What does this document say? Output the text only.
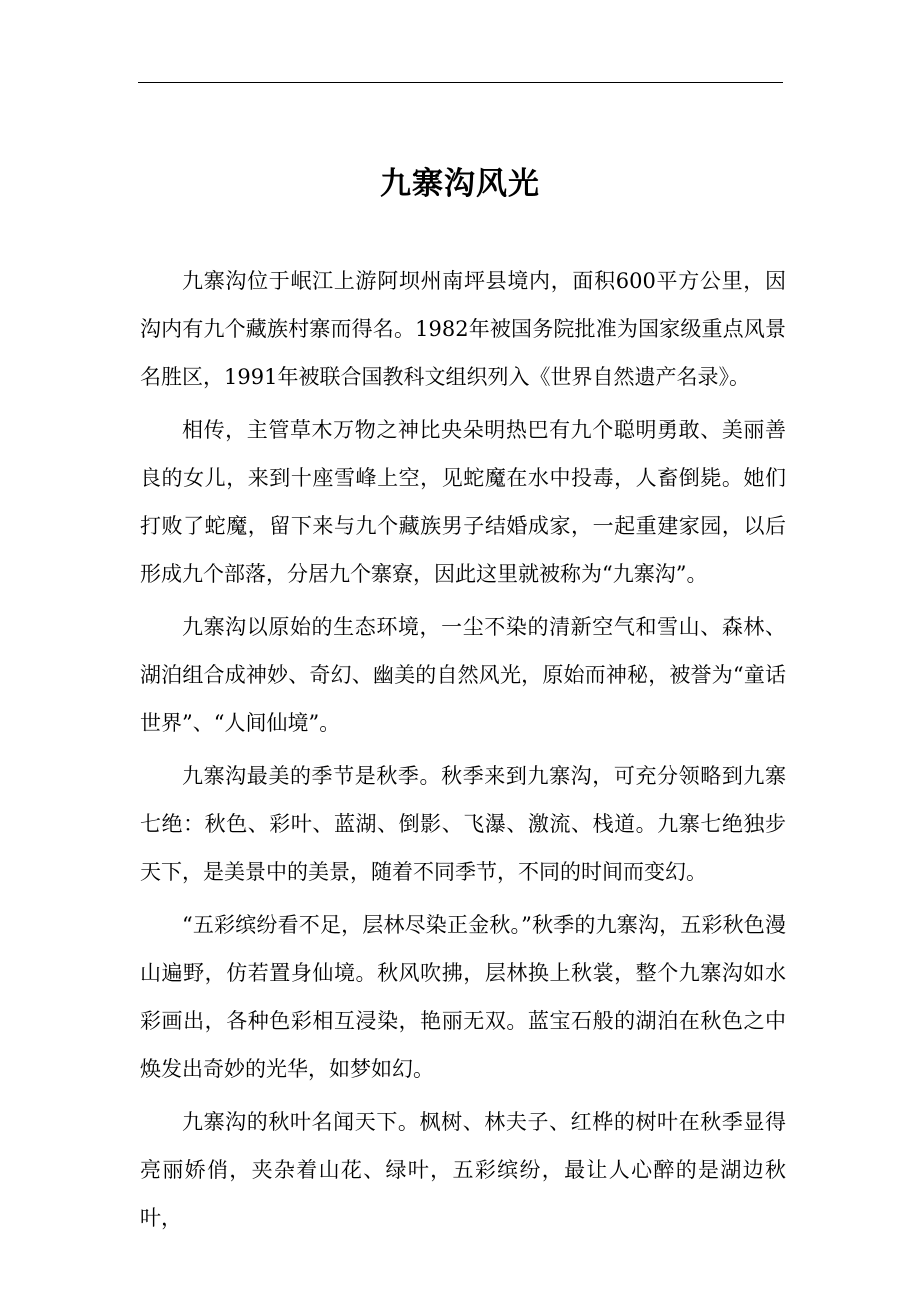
九寨沟风光

九寨沟位于岷江上游阿坝州南坪县境内，面积600平方公里，因沟内有九个藏族村寨而得名。1982年被国务院批准为国家级重点风景名胜区，1991年被联合国教科文组织列入《世界自然遗产名录》。

相传，主管草木万物之神比央朵明热巴有九个聪明勇敢、美丽善良的女儿，来到十座雪峰上空，见蛇魔在水中投毒，人畜倒毙。她们打败了蛇魔，留下来与九个藏族男子结婚成家，一起重建家园，以后形成九个部落，分居九个寨寮，因此这里就被称为“九寨沟”。

九寨沟以原始的生态环境，一尘不染的清新空气和雪山、森林、湖泊组合成神妙、奇幻、幽美的自然风光，原始而神秘，被誉为“童话世界”、“人间仙境”。

九寨沟最美的季节是秋季。秋季来到九寨沟，可充分领略到九寨七绝：秋色、彩叶、蓝湖、倒影、飞瀑、激流、栈道。九寨七绝独步天下，是美景中的美景，随着不同季节，不同的时间而变幻。

“五彩缤纷看不足，层林尽染正金秋。”秋季的九寨沟，五彩秋色漫山遍野，仿若置身仙境。秋风吹拂，层林换上秋裳，整个九寨沟如水彩画出，各种色彩相互浸染，艳丽无双。蓝宝石般的湖泊在秋色之中焕发出奇妙的光华，如梦如幻。

九寨沟的秋叶名闻天下。枫树、林夫子、红桦的树叶在秋季显得亮丽娇俏，夹杂着山花、绿叶，五彩缤纷，最让人心醉的是湖边秋叶，
